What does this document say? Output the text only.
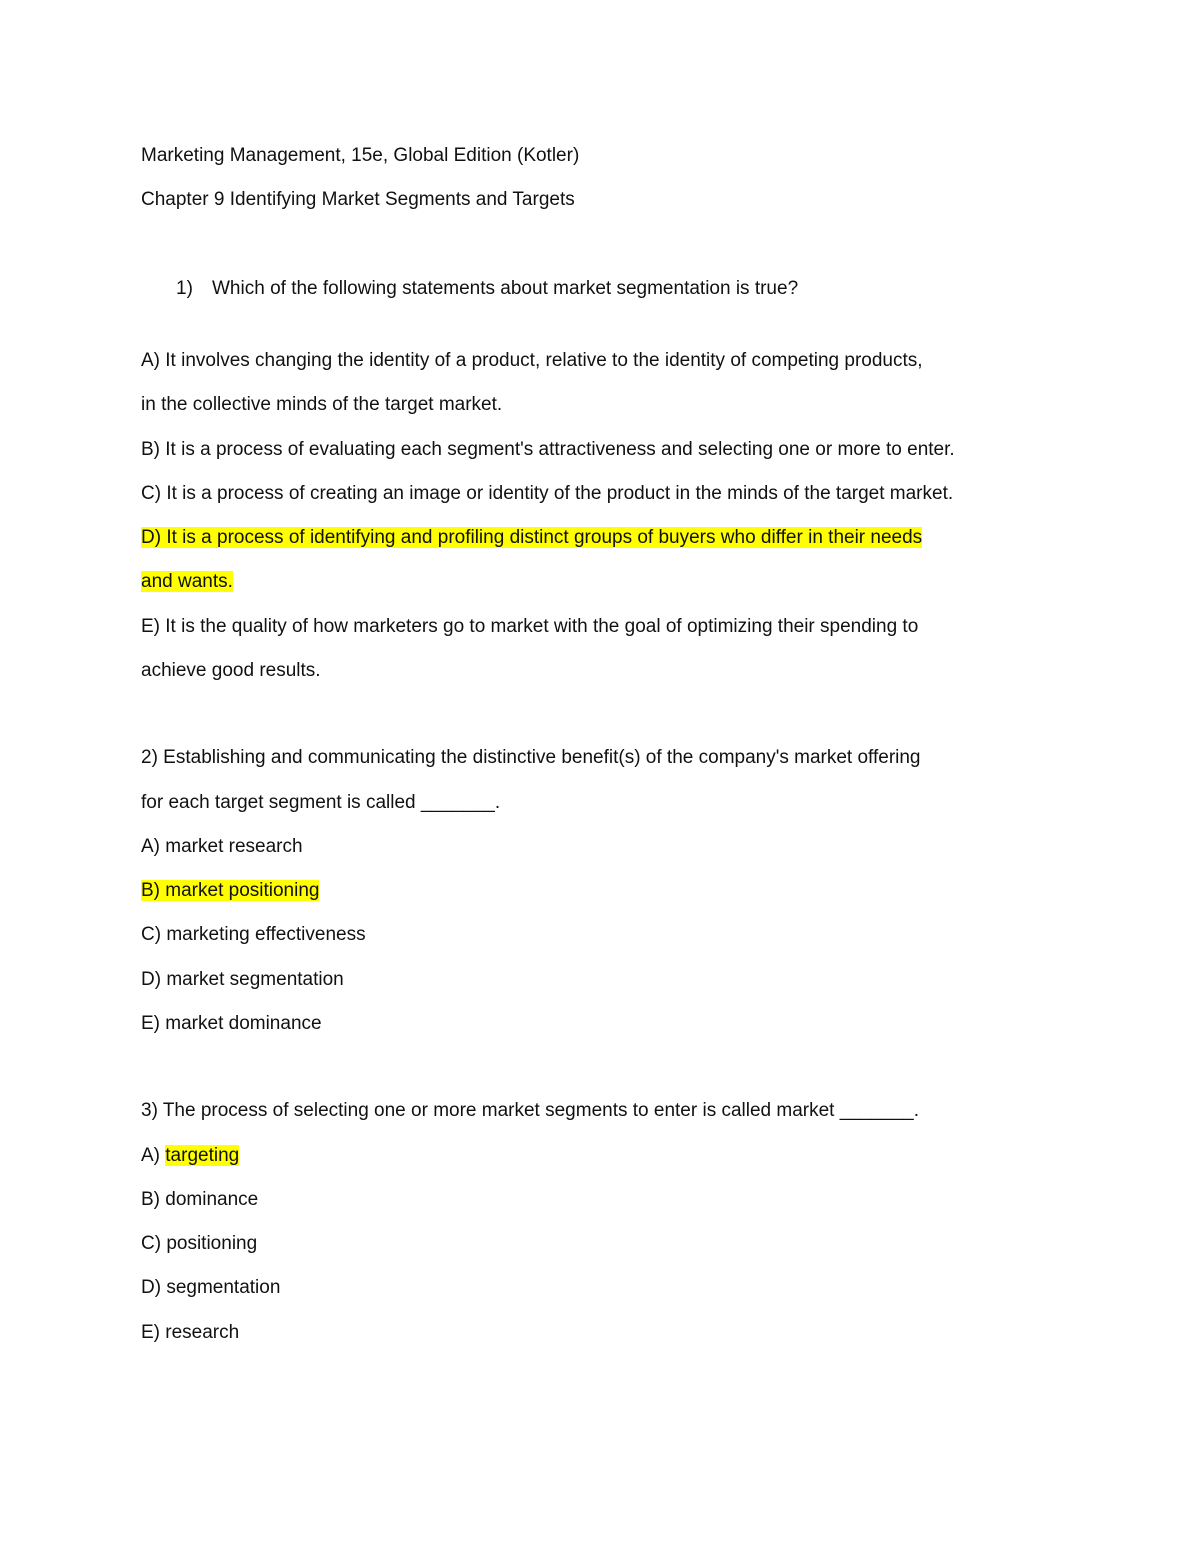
Marketing Management, 15e, Global Edition (Kotler)
Chapter 9 Identifying Market Segments and Targets
1) Which of the following statements about market segmentation is true?
A) It involves changing the identity of a product, relative to the identity of competing products,
in the collective minds of the target market.
B) It is a process of evaluating each segment's attractiveness and selecting one or more to enter.
C) It is a process of creating an image or identity of the product in the minds of the target market.
D) It is a process of identifying and profiling distinct groups of buyers who differ in their needs
and wants.
E) It is the quality of how marketers go to market with the goal of optimizing their spending to
achieve good results.
2) Establishing and communicating the distinctive benefit(s) of the company's market offering
for each target segment is called _______.
A) market research
B) market positioning
C) marketing effectiveness
D) market segmentation
E) market dominance
3) The process of selecting one or more market segments to enter is called market _______.
A) targeting
B) dominance
C) positioning
D) segmentation
E) research
